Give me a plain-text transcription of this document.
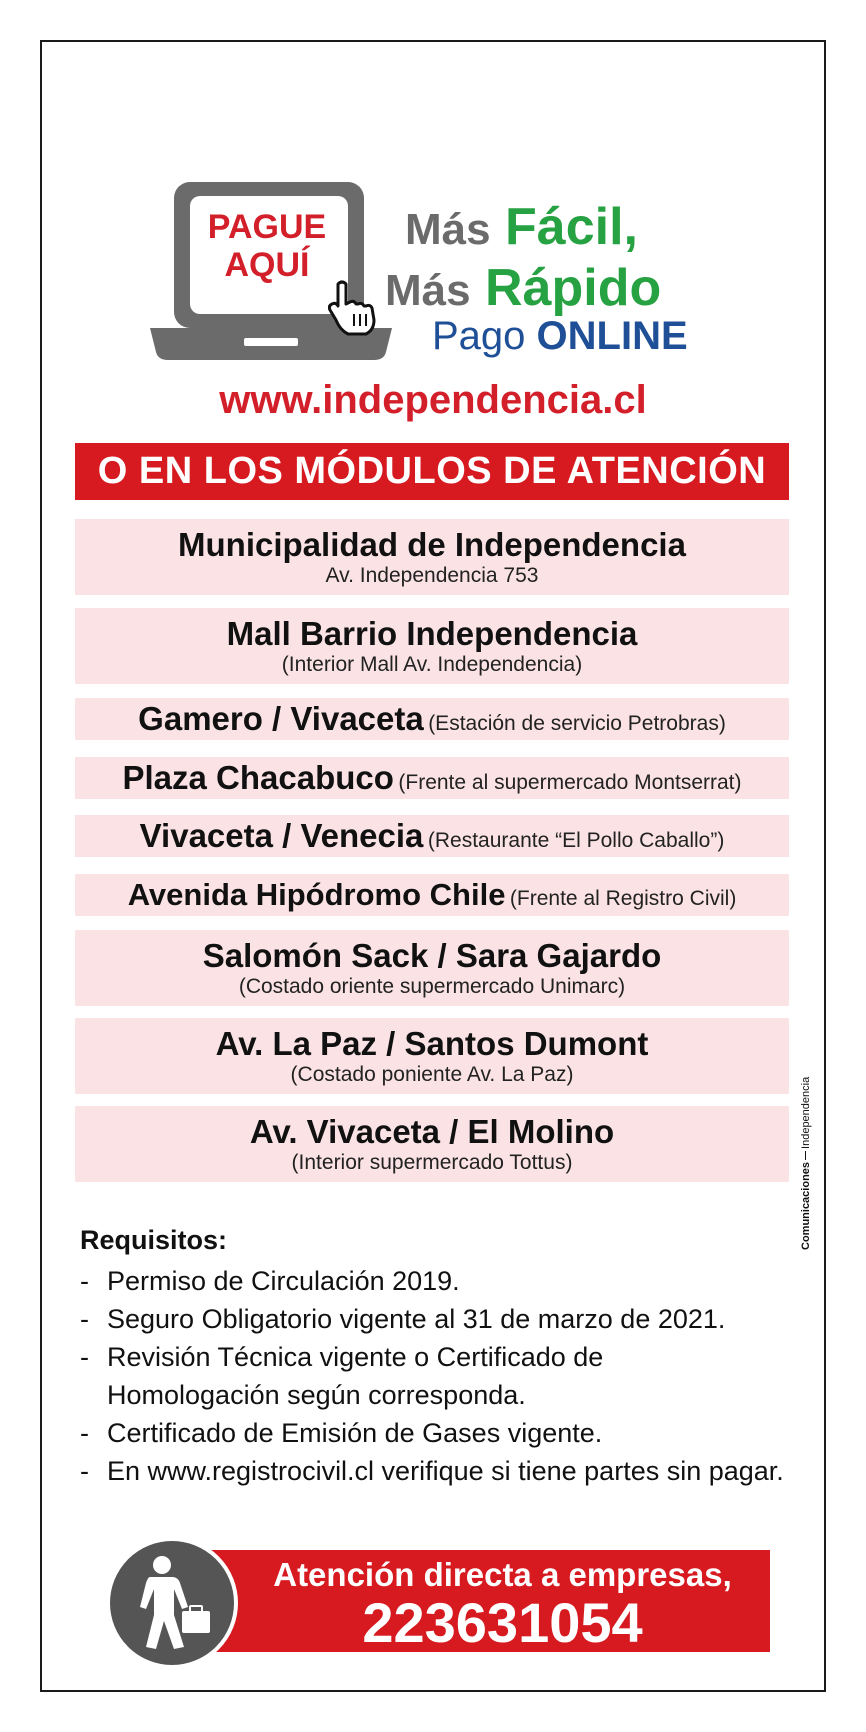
PAGUE
AQUÍ
Más Fácil,
Más Rápido
Pago ONLINE
www.independencia.cl
O EN LOS MÓDULOS DE ATENCIÓN
Municipalidad de Independencia
Av. Independencia 753
Mall Barrio Independencia
(Interior Mall Av. Independencia)
Gamero / Vivaceta (Estación de servicio Petrobras)
Plaza Chacabuco (Frente al supermercado Montserrat)
Vivaceta / Venecia (Restaurante “El Pollo Caballo”)
Avenida Hipódromo Chile (Frente al Registro Civil)
Salomón Sack / Sara Gajardo
(Costado oriente supermercado Unimarc)
Av. La Paz / Santos Dumont
(Costado poniente Av. La Paz)
Av. Vivaceta / El Molino
(Interior supermercado Tottus)
Requisitos:
- Permiso de Circulación 2019.
- Seguro Obligatorio vigente al 31 de marzo de 2021.
- Revisión Técnica vigente o Certificado de Homologación según corresponda.
- Certificado de Emisión de Gases vigente.
- En www.registrocivil.cl verifique si tiene partes sin pagar.
ComunicacionesIndependencia
Atención directa a empresas,
223631054
